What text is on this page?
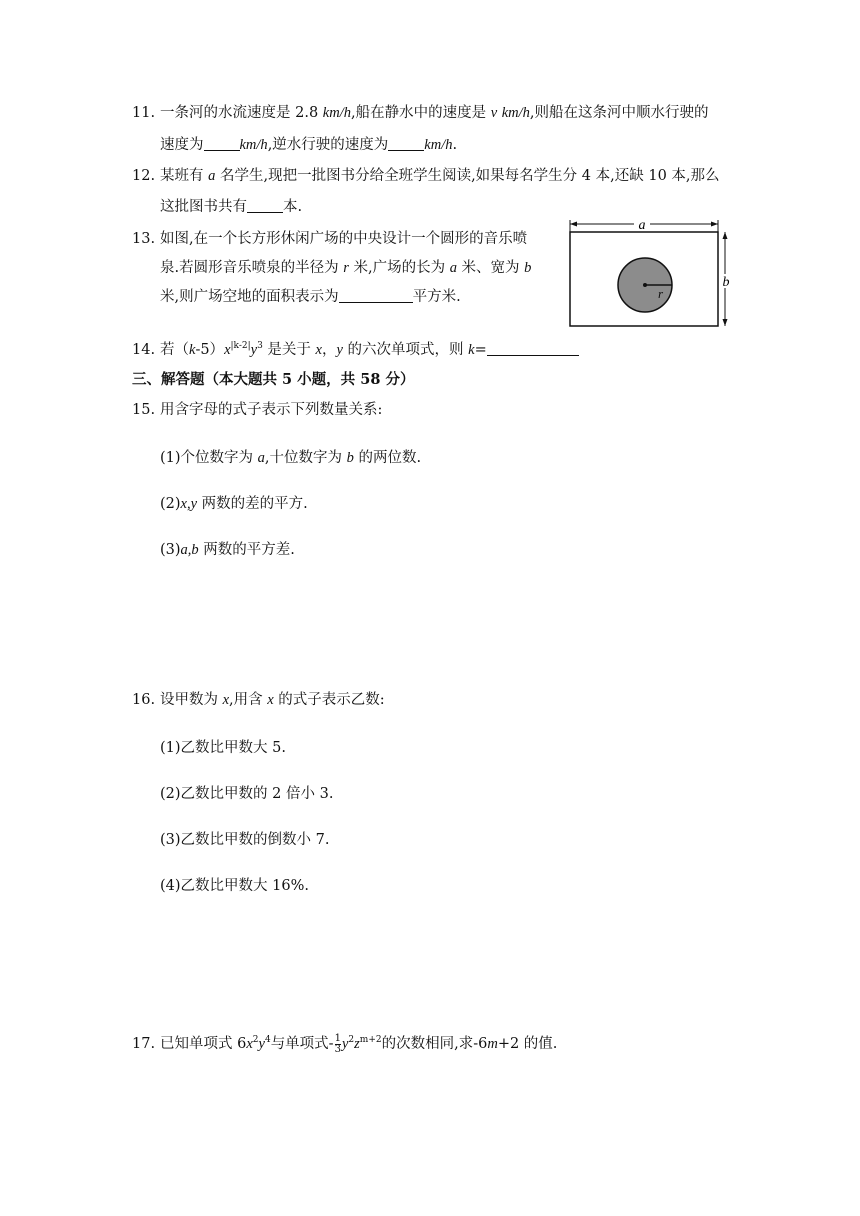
11. 一条河的水流速度是 2.8 km/h,船在静水中的速度是 v km/h,则船在这条河中顺水行驶的
速度为 km/h,逆水行驶的速度为 km/h.
12. 某班有 a 名学生,现把一批图书分给全班学生阅读,如果每名学生分 4 本,还缺 10 本,那么
这批图书共有 本.
13. 如图,在一个长方形休闲广场的中央设计一个圆形的音乐喷
泉.若圆形音乐喷泉的半径为 r 米,广场的长为 a 米、宽为 b
米,则广场空地的面积表示为	平方米.
a
b
r
14. 若$(k-5)x^{|k-2|}y^3$ 是关于 x，y 的六次单项式，则 k=
三、解答题（本大题共 5 小题，共 58 分）
15. 用含字母的式子表示下列数量关系:
(1)个位数字为 a,十位数字为 b 的两位数.
(2)x,y 两数的差的平方.
(3)a,b 两数的平方差.
16. 设甲数为 x,用含 x 的式子表示乙数:
(1)乙数比甲数大 5.
(2)乙数比甲数的 2 倍小 3.
(3)乙数比甲数的倒数小 7.
(4)乙数比甲数大 16%.
17. 已知单项式 $6x^2y^4$与单项式- $\frac{1}{3} y^2z^{m+2}$的次数相同,求-6m+2 的值.
